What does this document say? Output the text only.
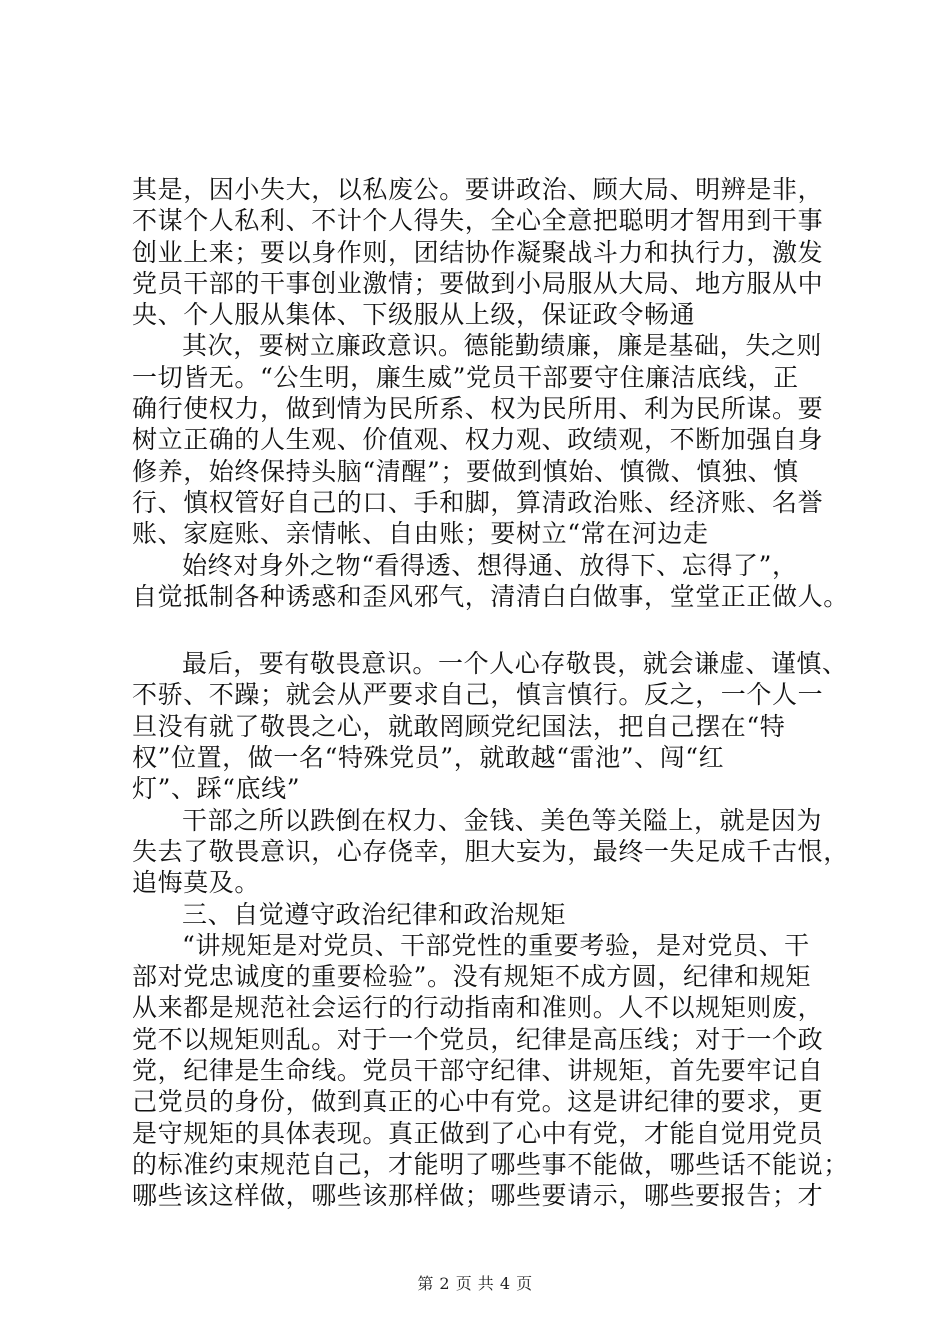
其是，因小失大，以私废公。要讲政治、顾大局、明辨是非，
不谋个人私利、不计个人得失，全心全意把聪明才智用到干事
创业上来；要以身作则，团结协作凝聚战斗力和执行力，激发
党员干部的干事创业激情；要做到小局服从大局、地方服从中
央、个人服从集体、下级服从上级，保证政令畅通
其次，要树立廉政意识。德能勤绩廉，廉是基础，失之则
一切皆无。“公生明，廉生威”党员干部要守住廉洁底线，正
确行使权力，做到情为民所系、权为民所用、利为民所谋。要
树立正确的人生观、价值观、权力观、政绩观，不断加强自身
修养，始终保持头脑“清醒”；要做到慎始、慎微、慎独、慎
行、慎权管好自己的口、手和脚，算清政治账、经济账、名誉
账、家庭账、亲情帐、自由账；要树立“常在河边走
始终对身外之物“看得透、想得通、放得下、忘得了”，
自觉抵制各种诱惑和歪风邪气，清清白白做事，堂堂正正做人。
最后，要有敬畏意识。一个人心存敬畏，就会谦虚、谨慎、
不骄、不躁；就会从严要求自己，慎言慎行。反之，一个人一
旦没有就了敬畏之心，就敢罔顾党纪国法，把自己摆在“特
权”位置，做一名“特殊党员”，就敢越“雷池”、闯“红
灯”、踩“底线”
干部之所以跌倒在权力、金钱、美色等关隘上，就是因为
失去了敬畏意识，心存侥幸，胆大妄为，最终一失足成千古恨，
追悔莫及。
三、自觉遵守政治纪律和政治规矩
“讲规矩是对党员、干部党性的重要考验，是对党员、干
部对党忠诚度的重要检验”。没有规矩不成方圆，纪律和规矩
从来都是规范社会运行的行动指南和准则。人不以规矩则废，
党不以规矩则乱。对于一个党员，纪律是高压线；对于一个政
党，纪律是生命线。党员干部守纪律、讲规矩，首先要牢记自
己党员的身份，做到真正的心中有党。这是讲纪律的要求，更
是守规矩的具体表现。真正做到了心中有党，才能自觉用党员
的标准约束规范自己，才能明了哪些事不能做，哪些话不能说；
哪些该这样做，哪些该那样做；哪些要请示，哪些要报告；才
第 2 页 共 4 页
